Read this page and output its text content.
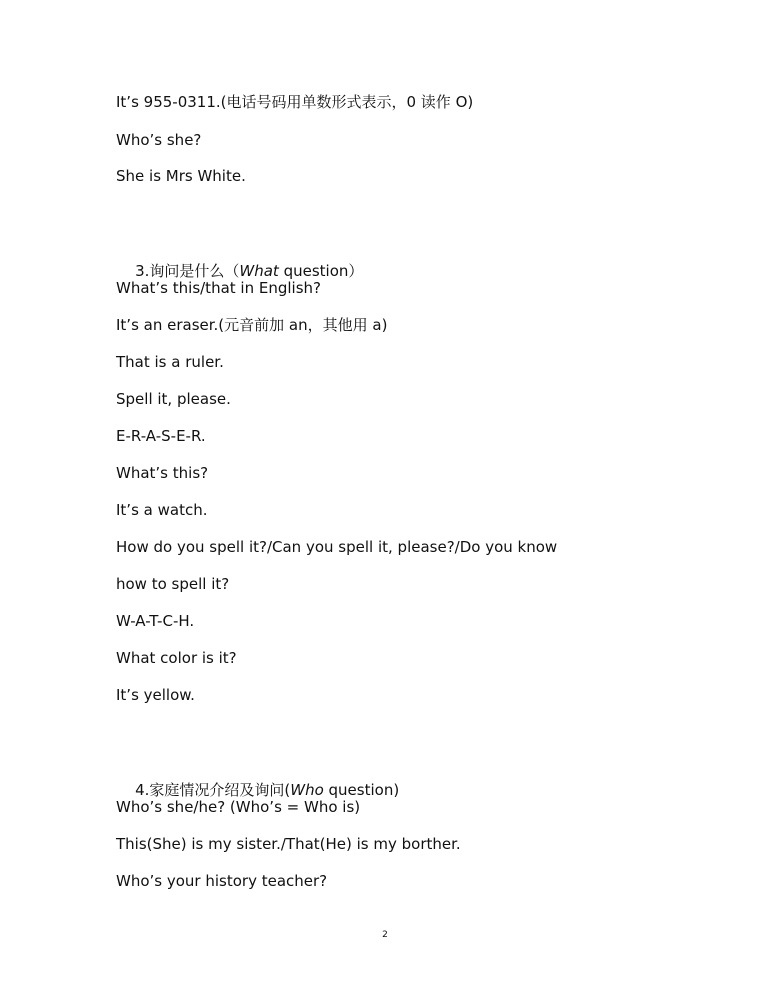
It’s 955-0311.(电话号码用单数形式表示，0 读作 O)
Who’s she?
She is Mrs White.

3.询问是什么（What question）

What’s this/that in English?
It’s an eraser.(元音前加 an，其他用 a)
That is a ruler.
Spell it, please.
E-R-A-S-E-R.
What’s this?
It’s a watch.
How do you spell it?/Can you spell it, please?/Do you know
how to spell it?
W-A-T-C-H.
What color is it?
It’s yellow.

4.家庭情况介绍及询问(Who question)

Who’s she/he? (Who’s = Who is)
This(She) is my sister./That(He) is my borther.
Who’s your history teacher?
2
